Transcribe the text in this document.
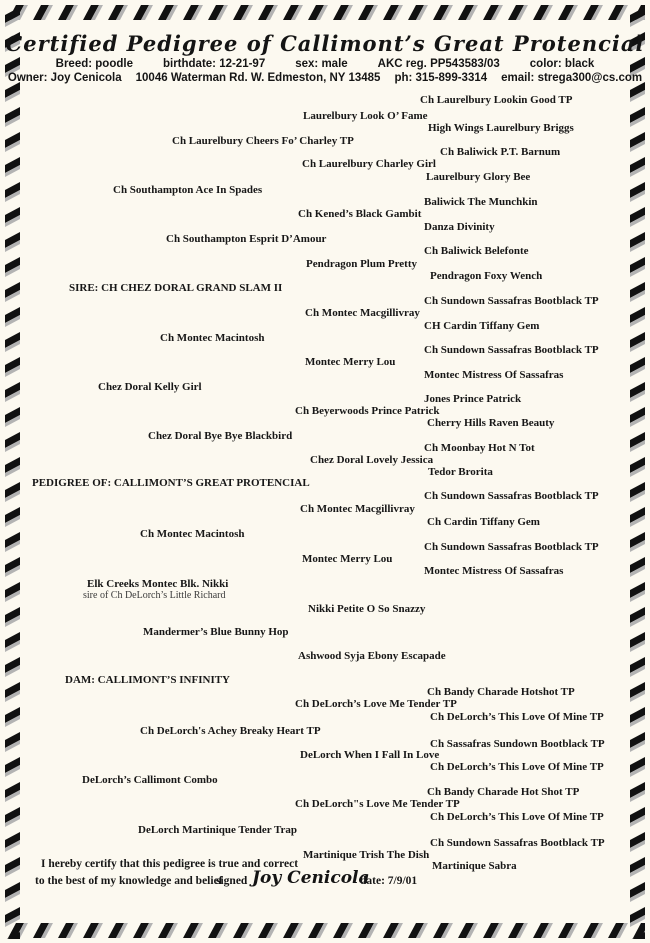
Certified Pedigree of Callimont’s Great Protencial
Breed: poodle	birthdate: 12-21-97	sex: male	AKC reg. PP543583/03	color: black
Owner: Joy Cenicola 10046 Waterman Rd. W. Edmeston, NY 13485 ph: 315-899-3314 email: strega300@cs.com
Ch Laurelbury Lookin Good TP
Laurelbury Look O’ Fame
High Wings Laurelbury Briggs
Ch Laurelbury Cheers Fo’ Charley TP
Ch Baliwick P.T. Barnum
Ch Laurelbury Charley Girl
Laurelbury Glory Bee
Ch Southampton Ace In Spades
Baliwick The Munchkin
Ch Kened’s Black Gambit
Danza Divinity
Ch Southampton Esprit D’Amour
Ch Baliwick Belefonte
Pendragon Plum Pretty
Pendragon Foxy Wench
SIRE: CH CHEZ DORAL GRAND SLAM II
Ch Sundown Sassafras Bootblack TP
Ch Montec Macgillivray
CH Cardin Tiffany Gem
Ch Montec Macintosh
Ch Sundown Sassafras Bootblack TP
Montec Merry Lou
Montec Mistress Of Sassafras
Chez Doral Kelly Girl
Jones Prince Patrick
Ch Beyerwoods Prince Patrick
Cherry Hills Raven Beauty
Chez Doral Bye Bye Blackbird
Ch Moonbay Hot N Tot
Chez Doral Lovely Jessica
Tedor Brorita
PEDIGREE OF: CALLIMONT’S GREAT PROTENCIAL
Ch Sundown Sassafras Bootblack TP
Ch Montec Macgillivray
Ch Cardin Tiffany Gem
Ch Montec Macintosh
Ch Sundown Sassafras Bootblack TP
Montec Merry Lou
Montec Mistress Of Sassafras
Elk Creeks Montec Blk. Nikki
sire of Ch DeLorch’s Little Richard
Nikki Petite O So Snazzy
Mandermer’s Blue Bunny Hop
Ashwood Syja Ebony Escapade
DAM: CALLIMONT’S INFINITY
Ch Bandy Charade Hotshot TP
Ch DeLorch’s Love Me Tender TP
Ch DeLorch’s This Love Of Mine TP
Ch DeLorch's Achey Breaky Heart TP
Ch Sassafras Sundown Bootblack TP
DeLorch When I Fall In Love
Ch DeLorch’s This Love Of Mine TP
DeLorch’s Callimont Combo
Ch Bandy Charade Hot Shot TP
Ch DeLorch"s Love Me Tender TP
Ch DeLorch’s This Love Of Mine TP
DeLorch Martinique Tender Trap
Ch Sundown Sassafras Bootblack TP
Martinique Trish The Dish
Martinique Sabra
I hereby certify that this pedigree is true and correct
to the best of my knowledge and belief
signed Joy Cenicola
date: 7/9/01
